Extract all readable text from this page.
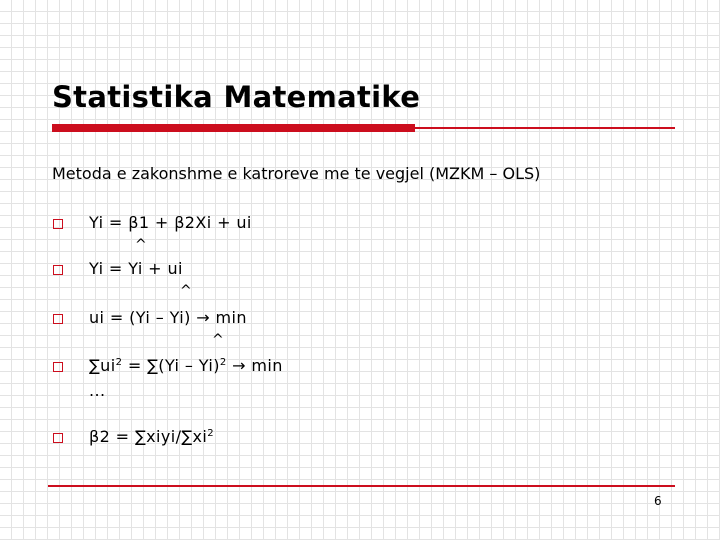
Statistika Matematike

Metoda e zakonshme e katroreve me te vegjel (MZKM – OLS)

Yi = β1 + β2Xi + ui

^

Yi = Yi + ui

^

ui = (Yi – Yi) → min

^

$\sum ui^2 = \sum(Yi - Yi)^2 \to \min$

...

$\beta 2 = \sum xiyi/\sum xi^2$

6
